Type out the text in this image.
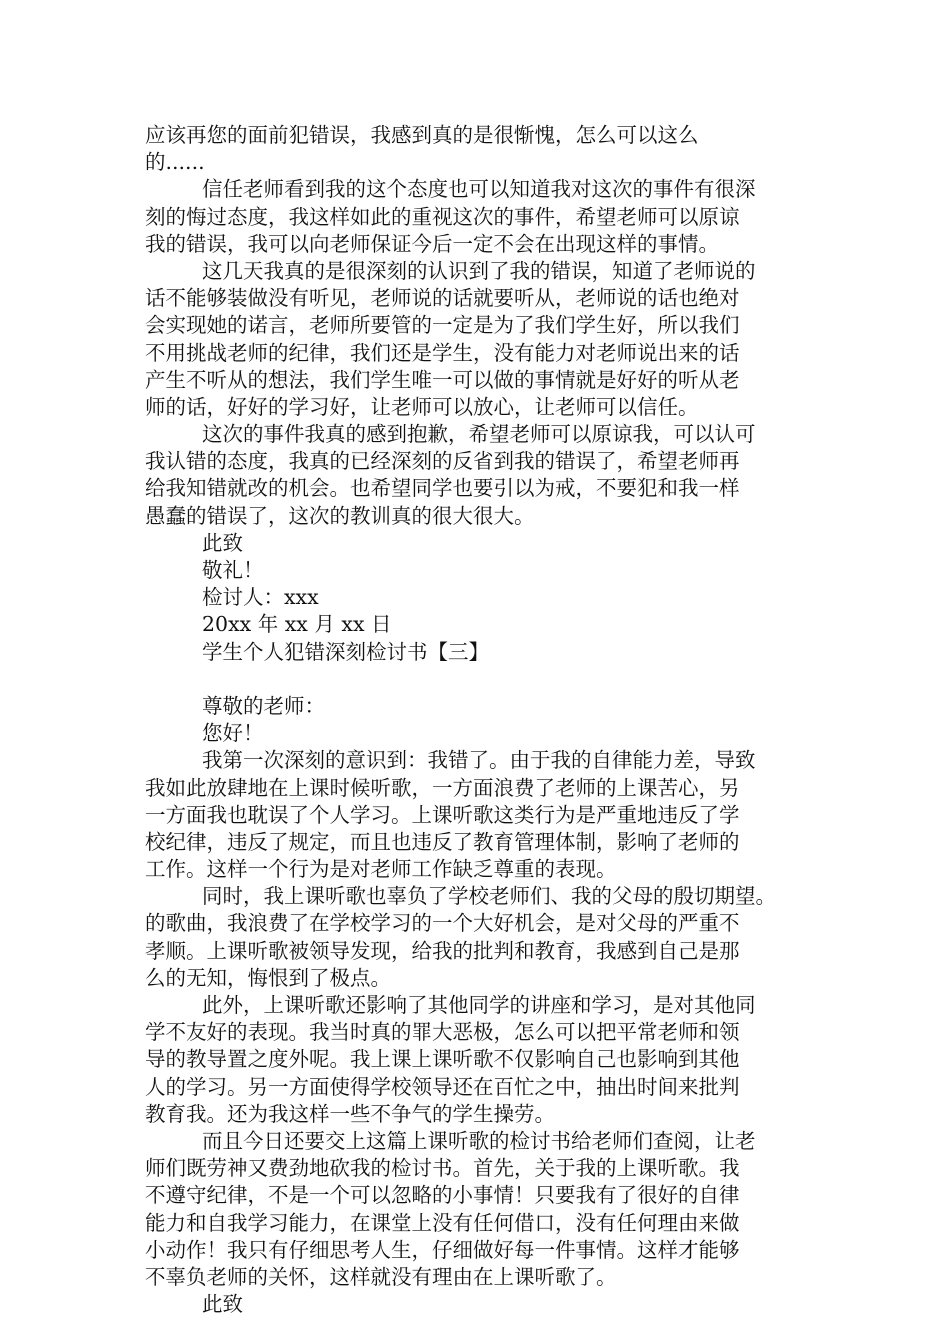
应该再您的面前犯错误，我感到真的是很惭愧，怎么可以这么
的......
信任老师看到我的这个态度也可以知道我对这次的事件有很深
刻的悔过态度，我这样如此的重视这次的事件，希望老师可以原谅
我的错误，我可以向老师保证今后一定不会在出现这样的事情。
这几天我真的是很深刻的认识到了我的错误，知道了老师说的
话不能够装做没有听见，老师说的话就要听从，老师说的话也绝对
会实现她的诺言，老师所要管的一定是为了我们学生好，所以我们
不用挑战老师的纪律，我们还是学生，没有能力对老师说出来的话
产生不听从的想法，我们学生唯一可以做的事情就是好好的听从老
师的话，好好的学习好，让老师可以放心，让老师可以信任。
这次的事件我真的感到抱歉，希望老师可以原谅我，可以认可
我认错的态度，我真的已经深刻的反省到我的错误了，希望老师再
给我知错就改的机会。也希望同学也要引以为戒，不要犯和我一样
愚蠢的错误了，这次的教训真的很大很大。
此致
敬礼！
检讨人：xxx
20xx 年 xx 月 xx 日
学生个人犯错深刻检讨书【三】
尊敬的老师：
您好！
我第一次深刻的意识到：我错了。由于我的自律能力差，导致
我如此放肆地在上课时候听歌，一方面浪费了老师的上课苦心，另
一方面我也耽误了个人学习。上课听歌这类行为是严重地违反了学
校纪律，违反了规定，而且也违反了教育管理体制，影响了老师的
工作。这样一个行为是对老师工作缺乏尊重的表现。
同时，我上课听歌也辜负了学校老师们、我的父母的殷切期望。
的歌曲，我浪费了在学校学习的一个大好机会，是对父母的严重不
孝顺。上课听歌被领导发现，给我的批判和教育，我感到自己是那
么的无知，悔恨到了极点。
此外，上课听歌还影响了其他同学的讲座和学习，是对其他同
学不友好的表现。我当时真的罪大恶极，怎么可以把平常老师和领
导的教导置之度外呢。我上课上课听歌不仅影响自己也影响到其他
人的学习。另一方面使得学校领导还在百忙之中，抽出时间来批判
教育我。还为我这样一些不争气的学生操劳。
而且今日还要交上这篇上课听歌的检讨书给老师们查阅，让老
师们既劳神又费劲地砍我的检讨书。首先，关于我的上课听歌。我
不遵守纪律，不是一个可以忽略的小事情！只要我有了很好的自律
能力和自我学习能力，在课堂上没有任何借口，没有任何理由来做
小动作！我只有仔细思考人生，仔细做好每一件事情。这样才能够
不辜负老师的关怀，这样就没有理由在上课听歌了。
此致
